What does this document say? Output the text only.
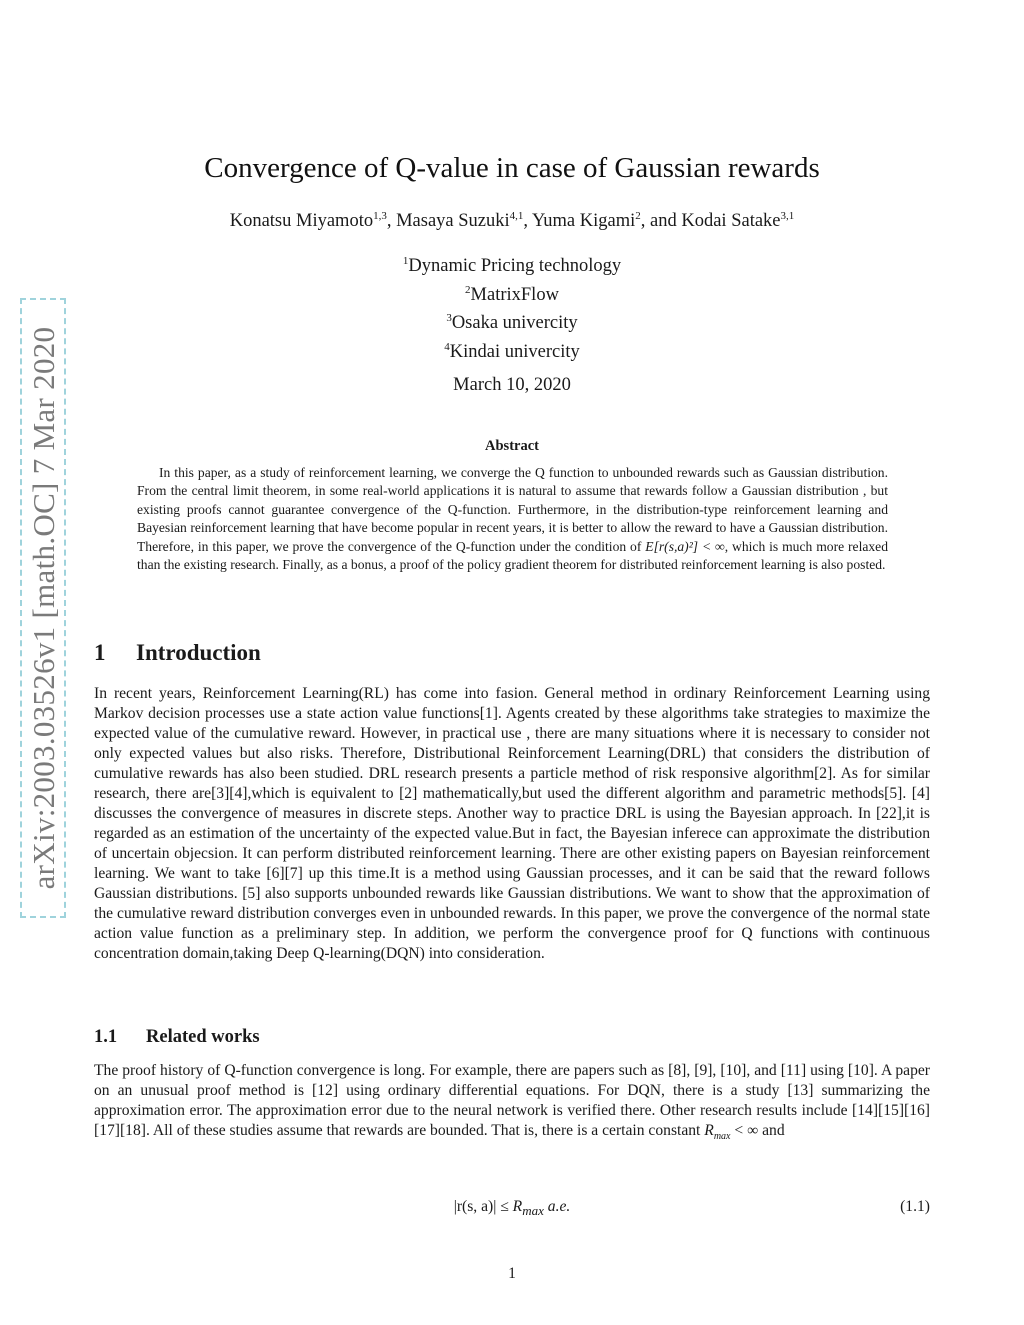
arXiv:2003.03526v1 [math.OC] 7 Mar 2020
Convergence of Q-value in case of Gaussian rewards
Konatsu Miyamoto$^{1,3}$, Masaya Suzuki$^{4,1}$, Yuma Kigami$^2$, and Kodai Satake$^{3,1}$
$^1$Dynamic Pricing technology
$^2$MatrixFlow
$^3$Osaka univercity
$^4$Kindai univercity
March 10, 2020
Abstract
In this paper, as a study of reinforcement learning, we converge the Q function to unbounded rewards such as Gaussian distribution. From the central limit theorem, in some real-world applications it is natural to assume that rewards follow a Gaussian distribution , but existing proofs cannot guarantee convergence of the Q-function. Furthermore, in the distribution-type reinforcement learning and Bayesian reinforcement learning that have become popular in recent years, it is better to allow the reward to have a Gaussian distribution. Therefore, in this paper, we prove the convergence of the Q-function under the condition of E[r(s,a)²] < ∞, which is much more relaxed than the existing research. Finally, as a bonus, a proof of the policy gradient theorem for distributed reinforcement learning is also posted.
1 Introduction
In recent years, Reinforcement Learning(RL) has come into fasion. General method in ordinary Reinforcement Learning using Markov decision processes use a state action value functions[1]. Agents created by these algorithms take strategies to maximize the expected value of the cumulative reward. However, in practical use , there are many situations where it is necessary to consider not only expected values but also risks. Therefore, Distributional Reinforcement Learning(DRL) that considers the distribution of cumulative rewards has also been studied. DRL research presents a particle method of risk responsive algorithm[2]. As for similar research, there are[3][4],which is equivalent to [2] mathematically,but used the different algorithm and parametric methods[5]. [4] discusses the convergence of measures in discrete steps. Another way to practice DRL is using the Bayesian approach. In [22],it is regarded as an estimation of the uncertainty of the expected value.But in fact, the Bayesian inferece can approximate the distribution of uncertain objecsion. It can perform distributed reinforcement learning. There are other existing papers on Bayesian reinforcement learning. We want to take [6][7] up this time.It is a method using Gaussian processes, and it can be said that the reward follows Gaussian distributions. [5] also supports unbounded rewards like Gaussian distributions. We want to show that the approximation of the cumulative reward distribution converges even in unbounded rewards. In this paper, we prove the convergence of the normal state action value function as a preliminary step. In addition, we perform the convergence proof for Q functions with continuous concentration domain,taking Deep Q-learning(DQN) into consideration.
1.1 Related works
The proof history of Q-function convergence is long. For example, there are papers such as [8], [9], [10], and [11] using [10]. A paper on an unusual proof method is [12] using ordinary differential equations. For DQN, there is a study [13] summarizing the approximation error. The approximation error due to the neural network is verified there. Other research results include [14][15][16][17][18]. All of these studies assume that rewards are bounded. That is, there is a certain constant $R_{max}$ < ∞ and
|r(s, $a)| \le R_{max}$ a.e.	(1.1)
1
